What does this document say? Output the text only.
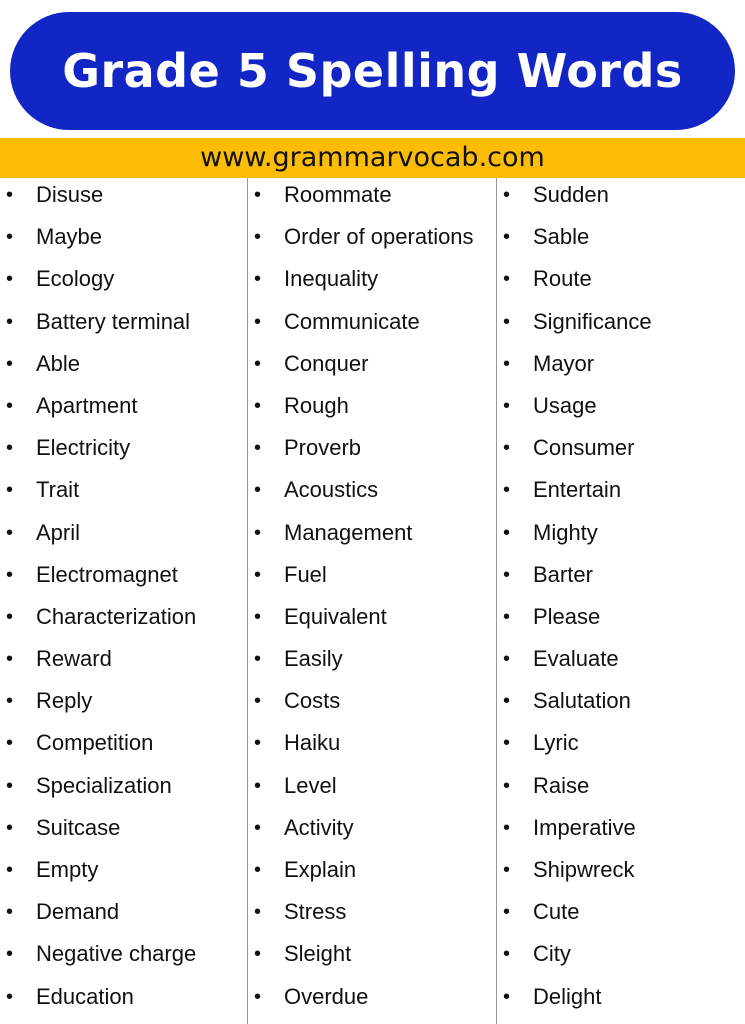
Grade 5 Spelling Words
www.grammarvocab.com
• Disuse
• Maybe
• Ecology
• Battery terminal
• Able
• Apartment
• Electricity
• Trait
• April
• Electromagnet
• Characterization
• Reward
• Reply
• Competition
• Specialization
• Suitcase
• Empty
• Demand
• Negative charge
• Education
• Roommate
• Order of operations
• Inequality
• Communicate
• Conquer
• Rough
• Proverb
• Acoustics
• Management
• Fuel
• Equivalent
• Easily
• Costs
• Haiku
• Level
• Activity
• Explain
• Stress
• Sleight
• Overdue
• Sudden
• Sable
• Route
• Significance
• Mayor
• Usage
• Consumer
• Entertain
• Mighty
• Barter
• Please
• Evaluate
• Salutation
• Lyric
• Raise
• Imperative
• Shipwreck
• Cute
• City
• Delight
